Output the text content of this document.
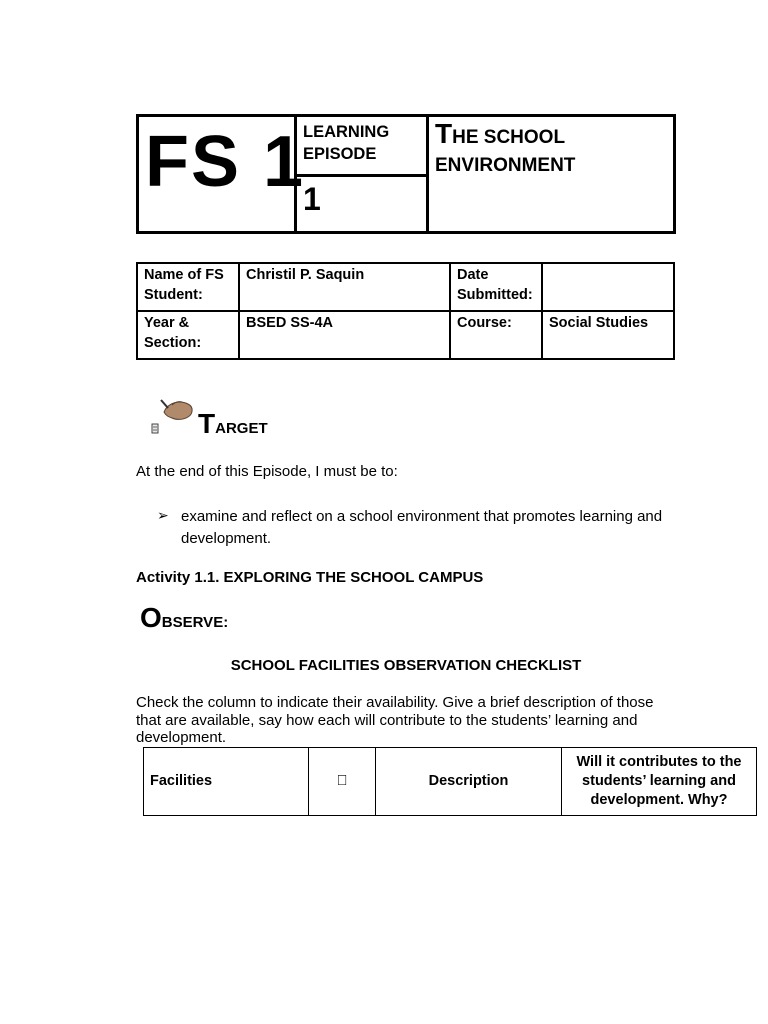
FS 1
LEARNING EPISODE
1
THE SCHOOL
ENVIRONMENT
Name of FS Student:	Christil P. Saquin	Date Submitted:	
Year & Section:	BSED SS-4A	Course:	Social Studies
TARGET
At the end of this Episode, I must be to:
➢ examine and reflect on a school environment that promotes learning and development.
Activity 1.1. EXPLORING THE SCHOOL CAMPUS
OBSERVE:
SCHOOL FACILITIES OBSERVATION CHECKLIST
Check the column to indicate their availability. Give a brief description of those that are available, say how each will contribute to the students’ learning and development.
Facilities		Description	Will it contributes to the students’ learning and development. Why?
